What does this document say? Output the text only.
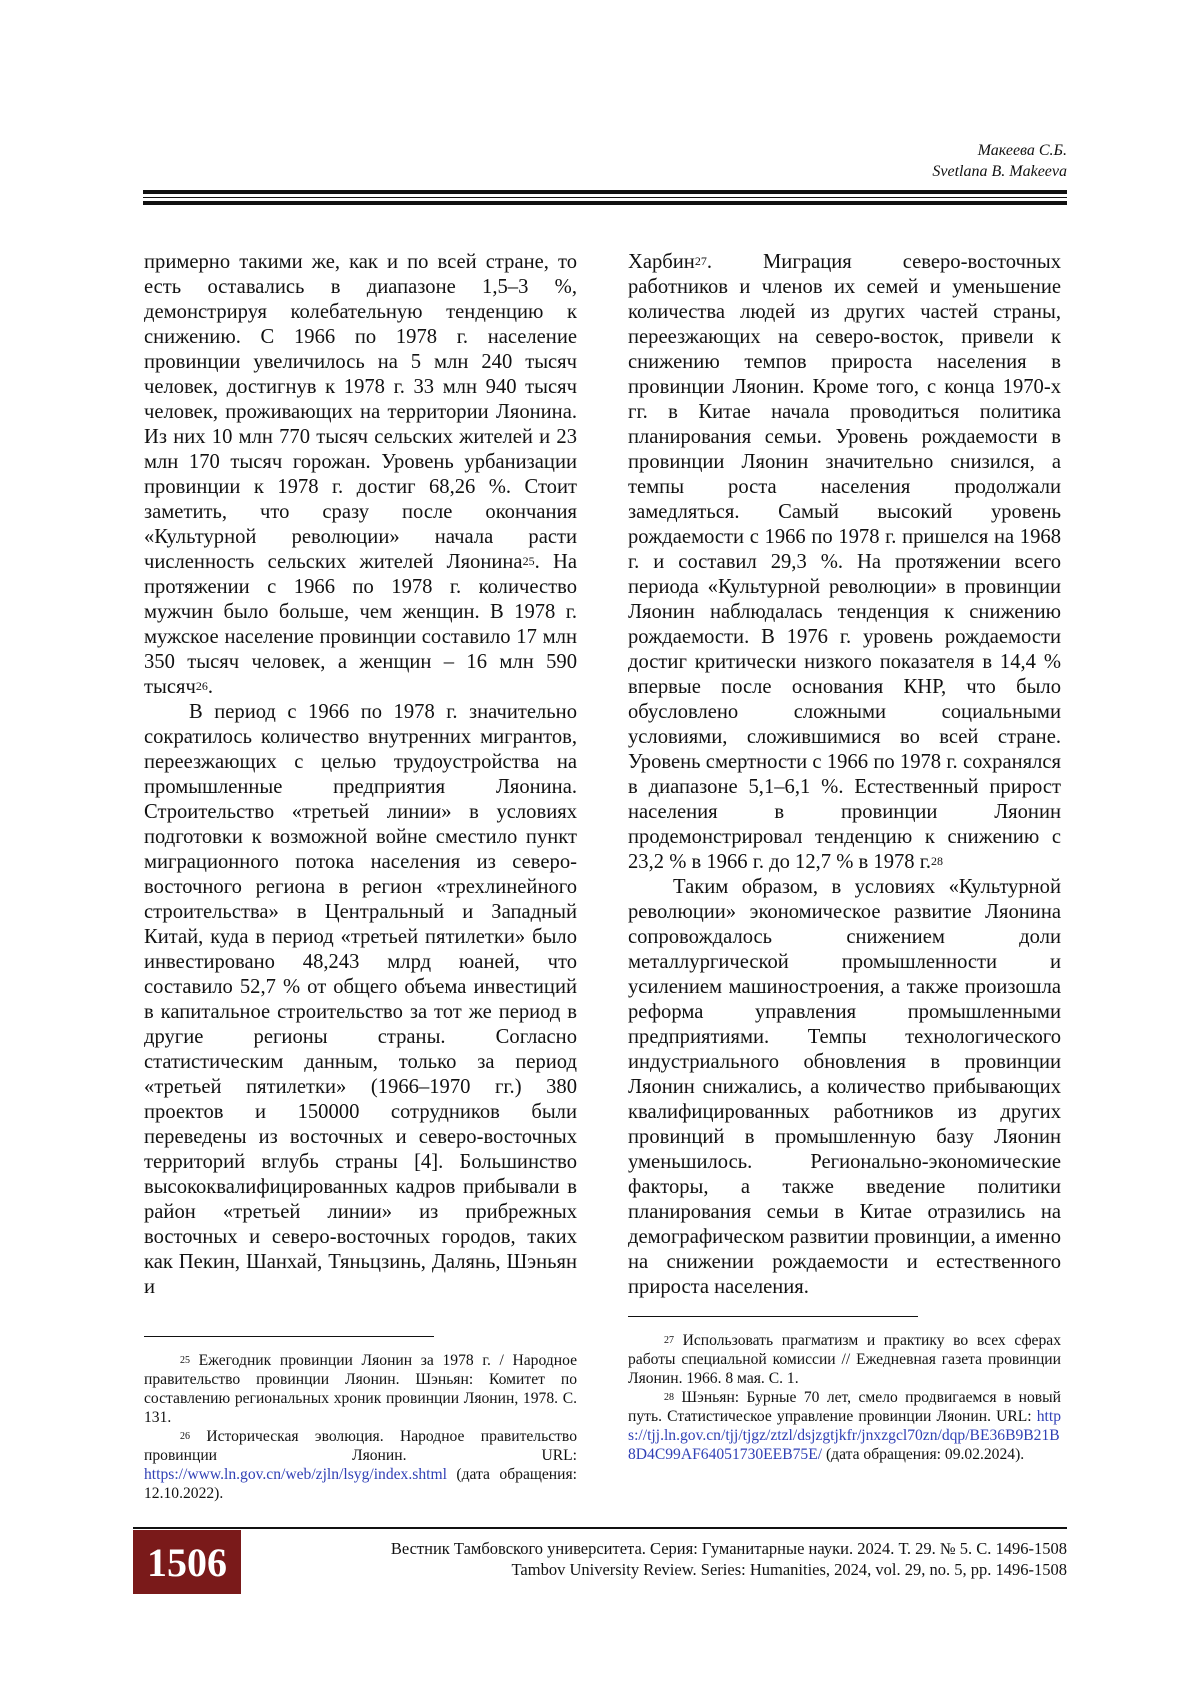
Макеева С.Б.
Svetlana B. Makeeva

примерно такими же, как и по всей стране, то есть оставались в диапазоне 1,5–3 %, демонстрируя колебательную тенденцию к снижению. С 1966 по 1978 г. население провинции увеличилось на 5 млн 240 тысяч человек, достигнув к 1978 г. 33 млн 940 тысяч человек, проживающих на территории Ляонина. Из них 10 млн 770 тысяч сельских жителей и 23 млн 170 тысяч горожан. Уровень урбанизации провинции к 1978 г. достиг 68,26 %. Стоит заметить, что сразу после окончания «Культурной революции» начала расти численность сельских жителей Ляонина$^{25}$. На протяжении с 1966 по 1978 г. количество мужчин было больше, чем женщин. В 1978 г. мужское население провинции составило 17 млн 350 тысяч человек, а женщин – 16 млн 590 тысяч$^{26}$.

В период с 1966 по 1978 г. значительно сократилось количество внутренних мигрантов, переезжающих с целью трудоустройства на промышленные предприятия Ляонина. Строительство «третьей линии» в условиях подготовки к возможной войне сместило пункт миграционного потока населения из северо-восточного региона в регион «трехлинейного строительства» в Центральный и Западный Китай, куда в период «третьей пятилетки» было инвестировано 48,243 млрд юаней, что составило 52,7 % от общего объема инвестиций в капитальное строительство за тот же период в другие регионы страны. Согласно статистическим данным, только за период «третьей пятилетки» (1966–1970 гг.) 380 проектов и 150000 сотрудников были переведены из восточных и северо-восточных территорий вглубь страны [4]. Большинство высококвалифицированных кадров прибывали в район «третьей линии» из прибрежных восточных и северо-восточных городов, таких как Пекин, Шанхай, Тяньцзинь, Далянь, Шэньян и

Харбин$^{27}$. Миграция северо-восточных работников и членов их семей и уменьшение количества людей из других частей страны, переезжающих на северо-восток, привели к снижению темпов прироста населения в провинции Ляонин. Кроме того, с конца 1970-х гг. в Китае начала проводиться политика планирования семьи. Уровень рождаемости в провинции Ляонин значительно снизился, а темпы роста населения продолжали замедляться. Самый высокий уровень рождаемости с 1966 по 1978 г. пришелся на 1968 г. и составил 29,3 %. На протяжении всего периода «Культурной революции» в провинции Ляонин наблюдалась тенденция к снижению рождаемости. В 1976 г. уровень рождаемости достиг критически низкого показателя в 14,4 % впервые после основания КНР, что было обусловлено сложными социальными условиями, сложившимися во всей стране. Уровень смертности с 1966 по 1978 г. сохранялся в диапазоне 5,1–6,1 %. Естественный прирост населения в провинции Ляонин продемонстрировал тенденцию к снижению с 23,2 % в 1966 г. до 12,7 % в 1978 г.$^{28}$

Таким образом, в условиях «Культурной революции» экономическое развитие Ляонина сопровождалось снижением доли металлургической промышленности и усилением машиностроения, а также произошла реформа управления промышленными предприятиями. Темпы технологического индустриального обновления в провинции Ляонин снижались, а количество прибывающих квалифицированных работников из других провинций в промышленную базу Ляонин уменьшилось. Регионально-экономические факторы, а также введение политики планирования семьи в Китае отразились на демографическом развитии провинции, а именно на снижении рождаемости и естественного прироста населения.

$^{25}$ Ежегодник провинции Ляонин за 1978 г. / Народное правительство провинции Ляонин. Шэньян: Комитет по составлению региональных хроник провинции Ляонин, 1978. С. 131.

$^{26}$ Историческая эволюция. Народное правительство провинции Ляонин. URL: https://www.ln.gov.cn/web/zjln/lsyg/index.shtml (дата обращения: 12.10.2022).

$^{27}$ Использовать прагматизм и практику во всех сферах работы специальной комиссии // Ежедневная газета провинции Ляонин. 1966. 8 мая. С. 1.

$^{28}$ Шэньян: Бурные 70 лет, смело продвигаемся в новый путь. Статистическое управление провинции Ляонин. URL: https://tjj.ln.gov.cn/tjj/tjgz/ztzl/dsjzgtjkfr/jnxzgcl70zn/dqp/BE36B9B21B8D4C99AF64051730EEB75E/ (дата обращения: 09.02.2024).

1506	Вестник Тамбовского университета. Серия: Гуманитарные науки. 2024. Т. 29. № 5. С. 1496-1508
Tambov University Review. Series: Humanities, 2024, vol. 29, no. 5, pp. 1496-1508
